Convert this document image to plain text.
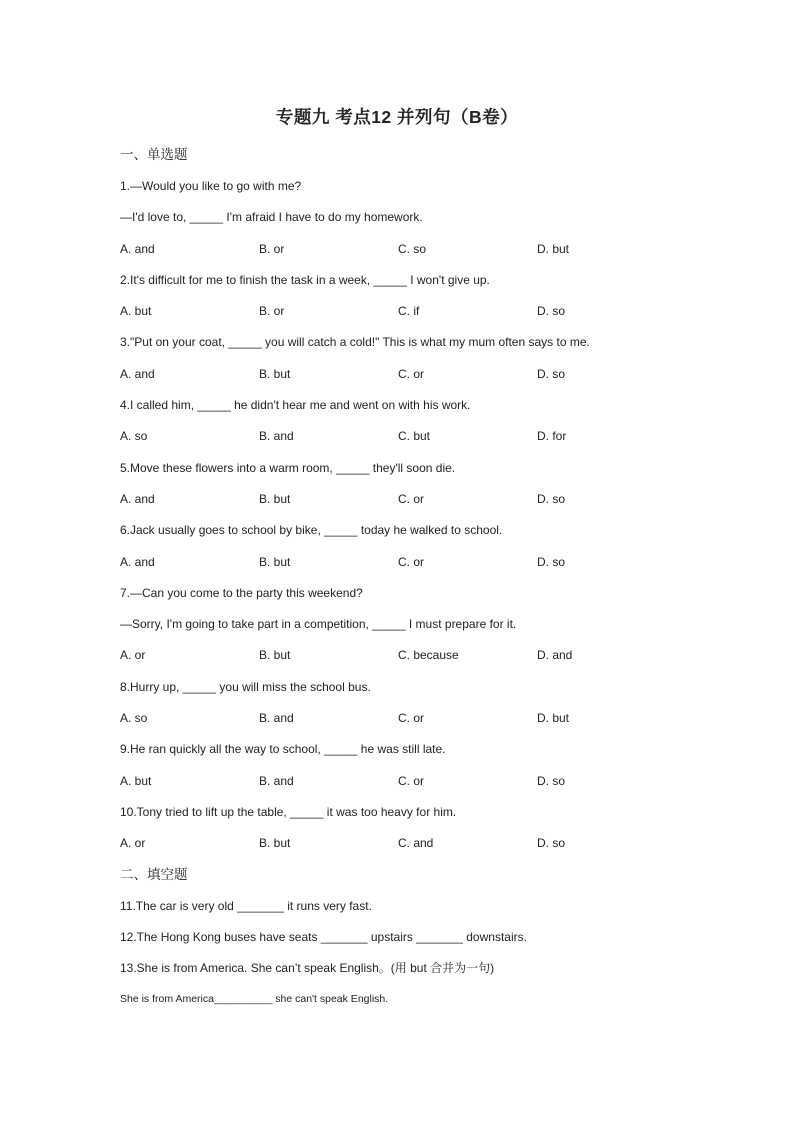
专题九 考点12 并列句（B卷）
一、单选题
1.—Would you like to go with me?
—I'd love to, _____ I'm afraid I have to do my homework.
A. and	B. or	C. so	D. but
2.It's difficult for me to finish the task in a week, _____ I won't give up.
A. but	B. or	C. if	D. so
3."Put on your coat, _____ you will catch a cold!" This is what my mum often says to me.
A. and	B. but	C. or	D. so
4.I called him, _____ he didn't hear me and went on with his work.
A. so	B. and	C. but	D. for
5.Move these flowers into a warm room, _____ they'll soon die.
A. and	B. but	C. or	D. so
6.Jack usually goes to school by bike, _____ today he walked to school.
A. and	B. but	C. or	D. so
7.—Can you come to the party this weekend?
—Sorry, I'm going to take part in a competition, _____ I must prepare for it.
A. or	B. but	C. because	D. and
8.Hurry up, _____ you will miss the school bus.
A. so	B. and	C. or	D. but
9.He ran quickly all the way to school, _____ he was still late.
A. but	B. and	C. or	D. so
10.Tony tried to lift up the table, _____ it was too heavy for him.
A. or	B. but	C. and	D. so
二、填空题
11.The car is very old _______ it runs very fast.
12.The Hong Kong buses have seats _______ upstairs _______ downstairs.
13.She is from America. She can’t speak English。(用 but 合并为一句)
She is from America__________ she can't speak English.
